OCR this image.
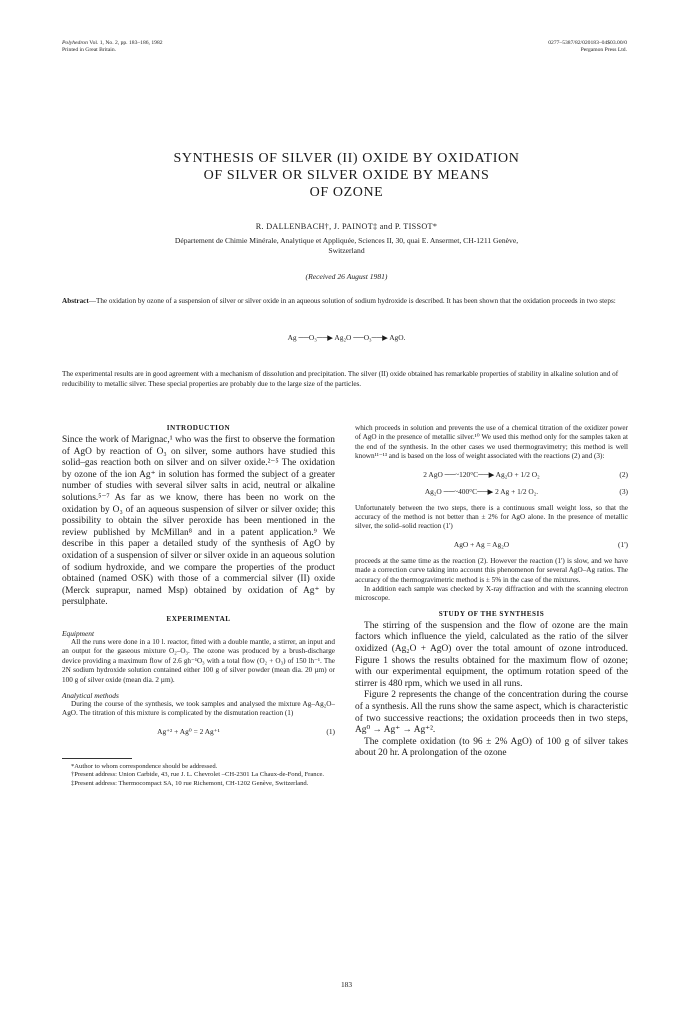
Polyhedron Vol. 1, No. 2, pp. 183–186, 1982
Printed in Great Britain.
0277–5387/82/020183–04$03.00/0
Pergamon Press Ltd.
SYNTHESIS OF SILVER (II) OXIDE BY OXIDATION
OF SILVER OR SILVER OXIDE BY MEANS
OF OZONE
R. DALLENBACH†, J. PAINOT‡ and P. TISSOT*
Département de Chimie Minérale, Analytique et Appliquée, Sciences II, 30, quai E. Ansermet, CH-1211 Genève,
Switzerland
(Received 26 August 1981)
Abstract—The oxidation by ozone of a suspension of silver or silver oxide in an aqueous solution of sodium hydroxide is described. It has been shown that the oxidation proceeds in two steps:
Ag ──O₃──▶ Ag₂O ──O₃──▶ AgO.
The experimental results are in good agreement with a mechanism of dissolution and precipitation. The silver (II) oxide obtained has remarkable properties of stability in alkaline solution and of reducibility to metallic silver. These special properties are probably due to the large size of the particles.
INTRODUCTION

Since the work of Marignac,¹ who was the first to observe the formation of AgO by reaction of O₃ on silver, some authors have studied this solid–gas reaction both on silver and on silver oxide.²⁻⁵ The oxidation by ozone of the ion Ag⁺ in solution has formed the subject of a greater number of studies with several silver salts in acid, neutral or alkaline solutions.⁵⁻⁷ As far as we know, there has been no work on the oxidation by O₃ of an aqueous suspension of silver or silver oxide; this possibility to obtain the silver peroxide has been mentioned in the review published by McMillan⁸ and in a patent application.⁹ We describe in this paper a detailed study of the synthesis of AgO by oxidation of a suspension of silver or silver oxide in an aqueous solution of sodium hydroxide, and we compare the properties of the product obtained (named OSK) with those of a commercial silver (II) oxide (Merck suprapur, named Msp) obtained by oxidation of Ag⁺ by persulphate.

EXPERIMENTAL
Equipment

All the runs were done in a 10 l. reactor, fitted with a double mantle, a stirrer, an input and an output for the gaseous mixture O₂–O₃. The ozone was produced by a brush-discharge device providing a maximum flow of 2.6 gh⁻¹O₃ with a total flow (O₂ + O₃) of 150 lh⁻¹. The 2N sodium hydroxide solution contained either 100 g of silver powder (mean dia. 20 µm) or 100 g of silver oxide (mean dia. 2 µm).

Analytical methods

During the course of the synthesis, we took samples and analysed the mixture Ag–Ag₂O–AgO. The titration of this mixture is complicated by the dismutation reaction (1)

Ag⁺² + Ag⁰ = 2 Ag⁺¹	(1)

*Author to whom correspondence should be addressed.

†Present address: Union Carbide, 43, rue J. L. Chevrolet –CH-2301 La Chaux-de-Fond, France.

‡Present address: Thermocompact SA, 10 rue Richemont, CH-1202 Genève, Switzerland.

which proceeds in solution and prevents the use of a chemical titration of the oxidizer power of AgO in the presence of metallic silver.¹⁰ We used this method only for the samples taken at the end of the synthesis. In the other cases we used thermogravimetry; this method is well known¹¹⁻¹³ and is based on the loss of weight associated with the reactions (2) and (3):

2 AgO ──~120°C──▶ Ag₂O + 1/2 O₂	(2)
Ag₂O ──~400°C──▶ 2 Ag + 1/2 O₂.	(3)

Unfortunately between the two steps, there is a continuous small weight loss, so that the accuracy of the method is not better than ± 2% for AgO alone. In the presence of metallic silver, the solid–solid reaction (1')

AgO + Ag = Ag₂O	(1')

proceeds at the same time as the reaction (2). However the reaction (1') is slow, and we have made a correction curve taking into account this phenomenon for several AgO–Ag ratios. The accuracy of the thermogravimetric method is ± 5% in the case of the mixtures.

In addition each sample was checked by X-ray diffraction and with the scanning electron microscope.

STUDY OF THE SYNTHESIS

The stirring of the suspension and the flow of ozone are the main factors which influence the yield, calculated as the ratio of the silver oxidized (Ag₂O + AgO) over the total amount of ozone introduced. Figure 1 shows the results obtained for the maximum flow of ozone; with our experimental equipment, the optimum rotation speed of the stirrer is 480 rpm, which we used in all runs.

Figure 2 represents the change of the concentration during the course of a synthesis. All the runs show the same aspect, which is characteristic of two successive reactions; the oxidation proceeds then in two steps, Ag⁰ → Ag⁺ → Ag⁺².

The complete oxidation (to 96 ± 2% AgO) of 100 g of silver takes about 20 hr. A prolongation of the ozone

183
